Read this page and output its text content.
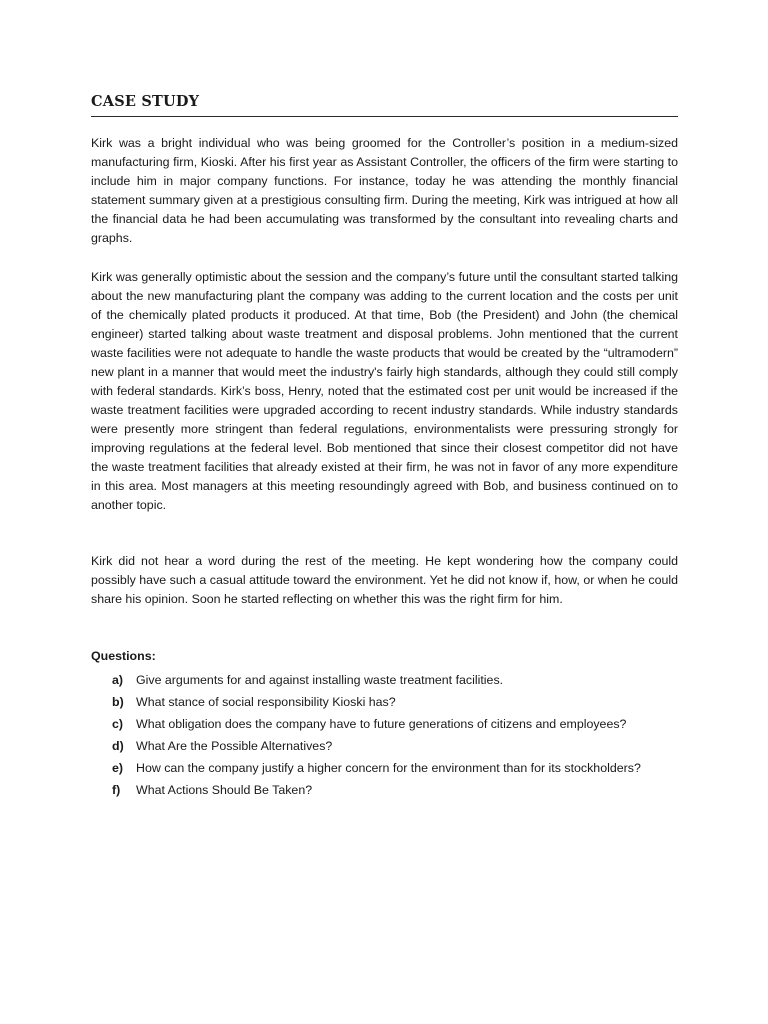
CASE STUDY

Kirk was a bright individual who was being groomed for the Controller’s position in a medium-sized manufacturing firm, Kioski. After his first year as Assistant Controller, the officers of the firm were starting to include him in major company functions. For instance, today he was attending the monthly financial statement summary given at a prestigious consulting firm. During the meeting, Kirk was intrigued at how all the financial data he had been accumulating was transformed by the consultant into revealing charts and graphs.

Kirk was generally optimistic about the session and the company’s future until the consultant started talking about the new manufacturing plant the company was adding to the current location and the costs per unit of the chemically plated products it produced. At that time, Bob (the President) and John (the chemical engineer) started talking about waste treatment and disposal problems. John mentioned that the current waste facilities were not adequate to handle the waste products that would be created by the “ultramodern” new plant in a manner that would meet the industry's fairly high standards, although they could still comply with federal standards. Kirk’s boss, Henry, noted that the estimated cost per unit would be increased if the waste treatment facilities were upgraded according to recent industry standards. While industry standards were presently more stringent than federal regulations, environmentalists were pressuring strongly for improving regulations at the federal level. Bob mentioned that since their closest competitor did not have the waste treatment facilities that already existed at their firm, he was not in favor of any more expenditure in this area. Most managers at this meeting resoundingly agreed with Bob, and business continued on to another topic.

Kirk did not hear a word during the rest of the meeting. He kept wondering how the company could possibly have such a casual attitude toward the environment. Yet he did not know if, how, or when he could share his opinion. Soon he started reflecting on whether this was the right firm for him.

Questions:

a)	Give arguments for and against installing waste treatment facilities.
b) What stance of social responsibility Kioski has?
c)	What obligation does the company have to future generations of citizens and employees?
d) What Are the Possible Alternatives?
e)	How can the company justify a higher concern for the environment than for its stockholders?
f)	What Actions Should Be Taken?
